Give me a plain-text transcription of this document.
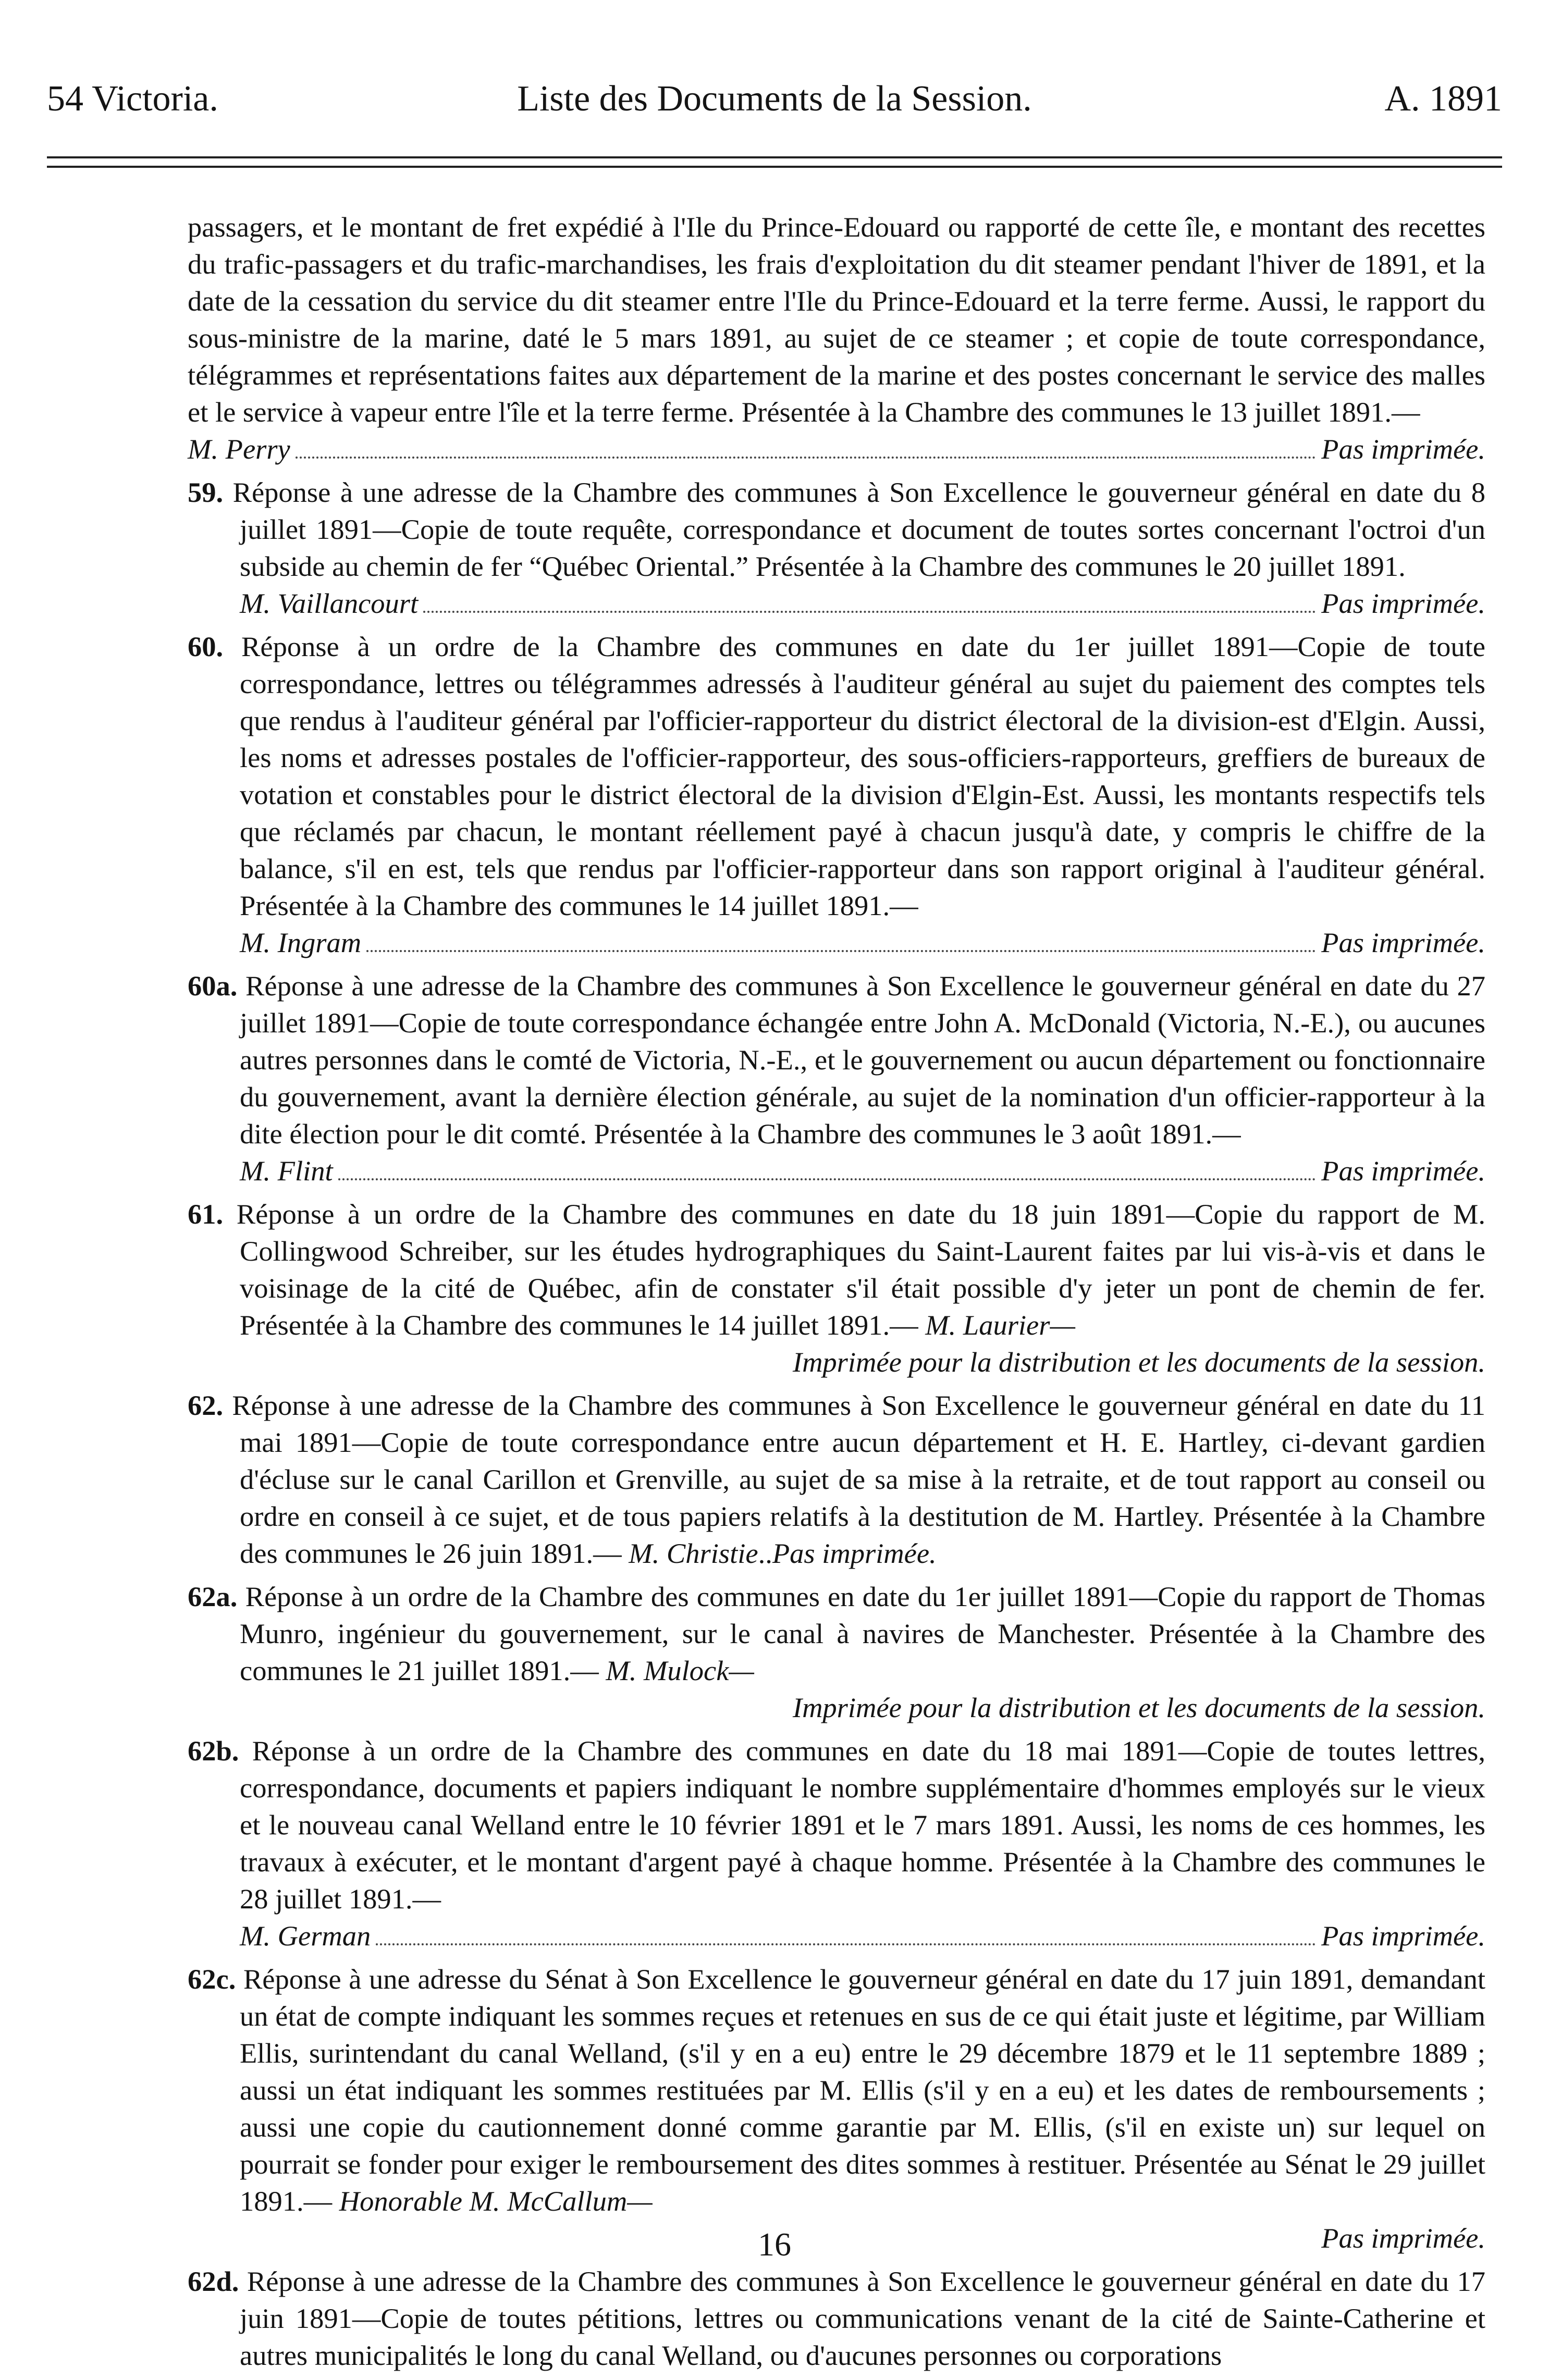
54 Victoria.	Liste des Documents de la Session.	A. 1891

passagers, et le montant de fret expédié à l'Ile du Prince-Edouard ou rapporté de cette île, e montant des recettes du trafic-passagers et du trafic-marchandises, les frais d'exploitation du dit steamer pendant l'hiver de 1891, et la date de la cessation du service du dit steamer entre l'Ile du Prince-Edouard et la terre ferme. Aussi, le rapport du sous-ministre de la marine, daté le 5 mars 1891, au sujet de ce steamer ; et copie de toute correspondance, télégrammes et représentations faites aux département de la marine et des postes concernant le service des malles et le service à vapeur entre l'île et la terre ferme. Présentée à la Chambre des communes le 13 juillet 1891.—

M. Perry	Pas imprimée.

59. Réponse à une adresse de la Chambre des communes à Son Excellence le gouverneur général en date du 8 juillet 1891—Copie de toute requête, correspondance et document de toutes sortes concernant l'octroi d'un subside au chemin de fer “Québec Oriental.” Présentée à la Chambre des communes le 20 juillet 1891.

M. Vaillancourt	Pas imprimée.

60. Réponse à un ordre de la Chambre des communes en date du 1er juillet 1891—Copie de toute correspondance, lettres ou télégrammes adressés à l'auditeur général au sujet du paiement des comptes tels que rendus à l'auditeur général par l'officier-rapporteur du district électoral de la division-est d'Elgin. Aussi, les noms et adresses postales de l'officier-rapporteur, des sous-officiers-rapporteurs, greffiers de bureaux de votation et constables pour le district électoral de la division d'Elgin-Est. Aussi, les montants respectifs tels que réclamés par chacun, le montant réellement payé à chacun jusqu'à date, y compris le chiffre de la balance, s'il en est, tels que rendus par l'officier-rapporteur dans son rapport original à l'auditeur général. Présentée à la Chambre des communes le 14 juillet 1891.—

M. Ingram	Pas imprimée.

60a. Réponse à une adresse de la Chambre des communes à Son Excellence le gouverneur général en date du 27 juillet 1891—Copie de toute correspondance échangée entre John A. McDonald (Victoria, N.-E.), ou aucunes autres personnes dans le comté de Victoria, N.-E., et le gouvernement ou aucun département ou fonctionnaire du gouvernement, avant la dernière élection générale, au sujet de la nomination d'un officier-rapporteur à la dite élection pour le dit comté. Présentée à la Chambre des communes le 3 août 1891.—

M. Flint	Pas imprimée.

61. Réponse à un ordre de la Chambre des communes en date du 18 juin 1891—Copie du rapport de M. Collingwood Schreiber, sur les études hydrographiques du Saint-Laurent faites par lui vis-à-vis et dans le voisinage de la cité de Québec, afin de constater s'il était possible d'y jeter un pont de chemin de fer. Présentée à la Chambre des communes le 14 juillet 1891.— M. Laurier—

Imprimée pour la distribution et les documents de la session.

62. Réponse à une adresse de la Chambre des communes à Son Excellence le gouverneur général en date du 11 mai 1891—Copie de toute correspondance entre aucun département et H. E. Hartley, ci-devant gardien d'écluse sur le canal Carillon et Grenville, au sujet de sa mise à la retraite, et de tout rapport au conseil ou ordre en conseil à ce sujet, et de tous papiers relatifs à la destitution de M. Hartley. Présentée à la Chambre des communes le 26 juin 1891.— M. Christie..Pas imprimée.

62a. Réponse à un ordre de la Chambre des communes en date du 1er juillet 1891—Copie du rapport de Thomas Munro, ingénieur du gouvernement, sur le canal à navires de Manchester. Présentée à la Chambre des communes le 21 juillet 1891.— M. Mulock—

Imprimée pour la distribution et les documents de la session.

62b. Réponse à un ordre de la Chambre des communes en date du 18 mai 1891—Copie de toutes lettres, correspondance, documents et papiers indiquant le nombre supplémentaire d'hommes employés sur le vieux et le nouveau canal Welland entre le 10 février 1891 et le 7 mars 1891. Aussi, les noms de ces hommes, les travaux à exécuter, et le montant d'argent payé à chaque homme. Présentée à la Chambre des communes le 28 juillet 1891.—

M. German	Pas imprimée.

62c. Réponse à une adresse du Sénat à Son Excellence le gouverneur général en date du 17 juin 1891, demandant un état de compte indiquant les sommes reçues et retenues en sus de ce qui était juste et légitime, par William Ellis, surintendant du canal Welland, (s'il y en a eu) entre le 29 décembre 1879 et le 11 septembre 1889 ; aussi un état indiquant les sommes restituées par M. Ellis (s'il y en a eu) et les dates de remboursements ; aussi une copie du cautionnement donné comme garantie par M. Ellis, (s'il en existe un) sur lequel on pourrait se fonder pour exiger le remboursement des dites sommes à restituer. Présentée au Sénat le 29 juillet 1891.— Honorable M. McCallum—

Pas imprimée.

62d. Réponse à une adresse de la Chambre des communes à Son Excellence le gouverneur général en date du 17 juin 1891—Copie de toutes pétitions, lettres ou communications venant de la cité de Sainte-Catherine et autres municipalités le long du canal Welland, ou d'aucunes personnes ou corporations

16
